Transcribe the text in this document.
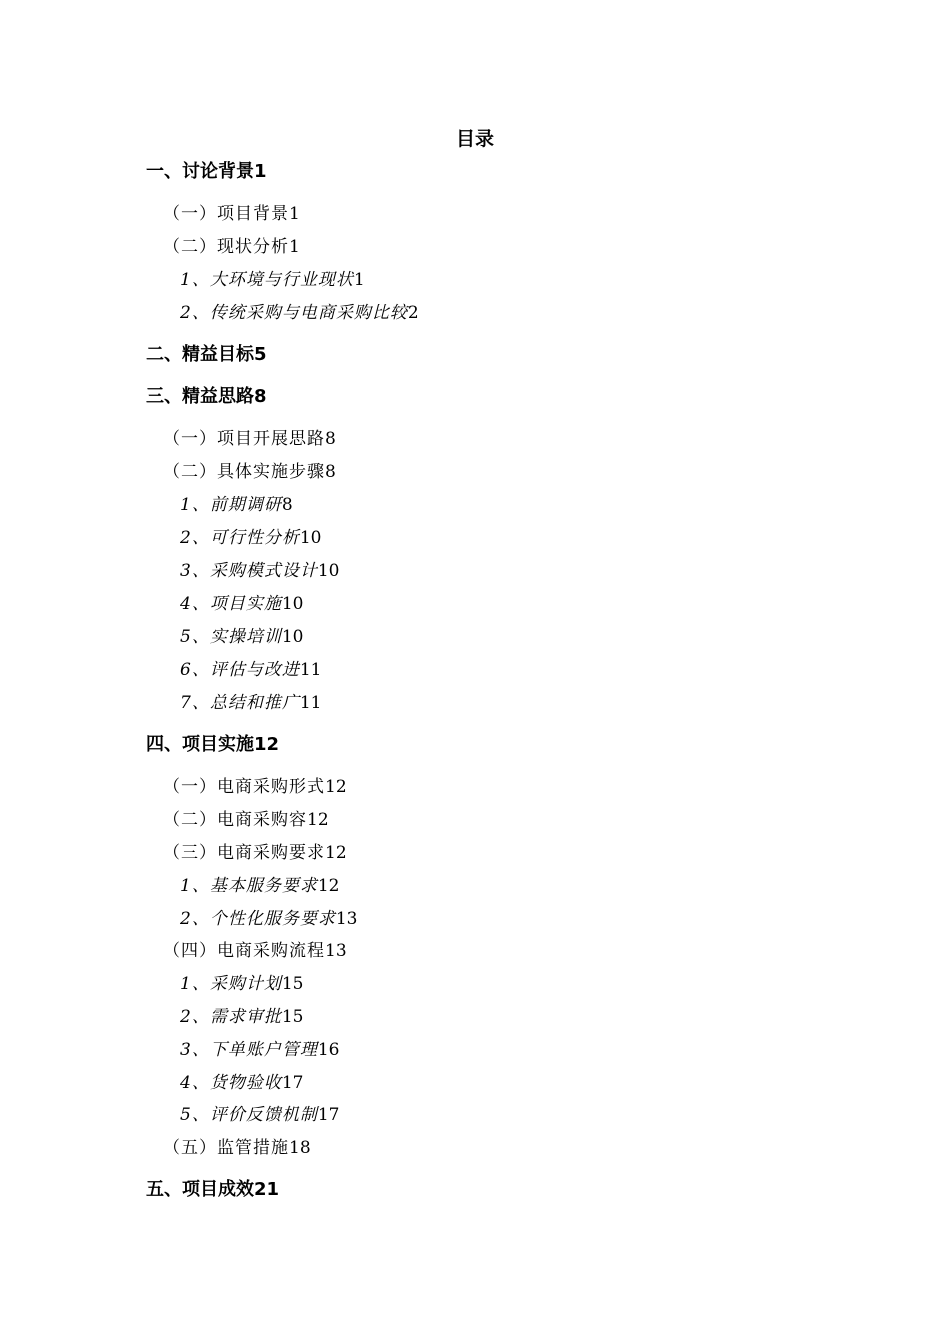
目录
一、讨论背景1
（一）项目背景1
（二）现状分析1
1、大环境与行业现状1
2、传统采购与电商采购比较2
二、精益目标5
三、精益思路8
（一）项目开展思路8
（二）具体实施步骤8
1、前期调研8
2、可行性分析10
3、采购模式设计10
4、项目实施10
5、实操培训10
6、评估与改进11
7、总结和推广11
四、项目实施12
（一）电商采购形式12
（二）电商采购容12
（三）电商采购要求12
1、基本服务要求12
2、个性化服务要求13
（四）电商采购流程13
1、采购计划15
2、需求审批15
3、下单账户管理16
4、货物验收17
5、评价反馈机制17
（五）监管措施18
五、项目成效21
